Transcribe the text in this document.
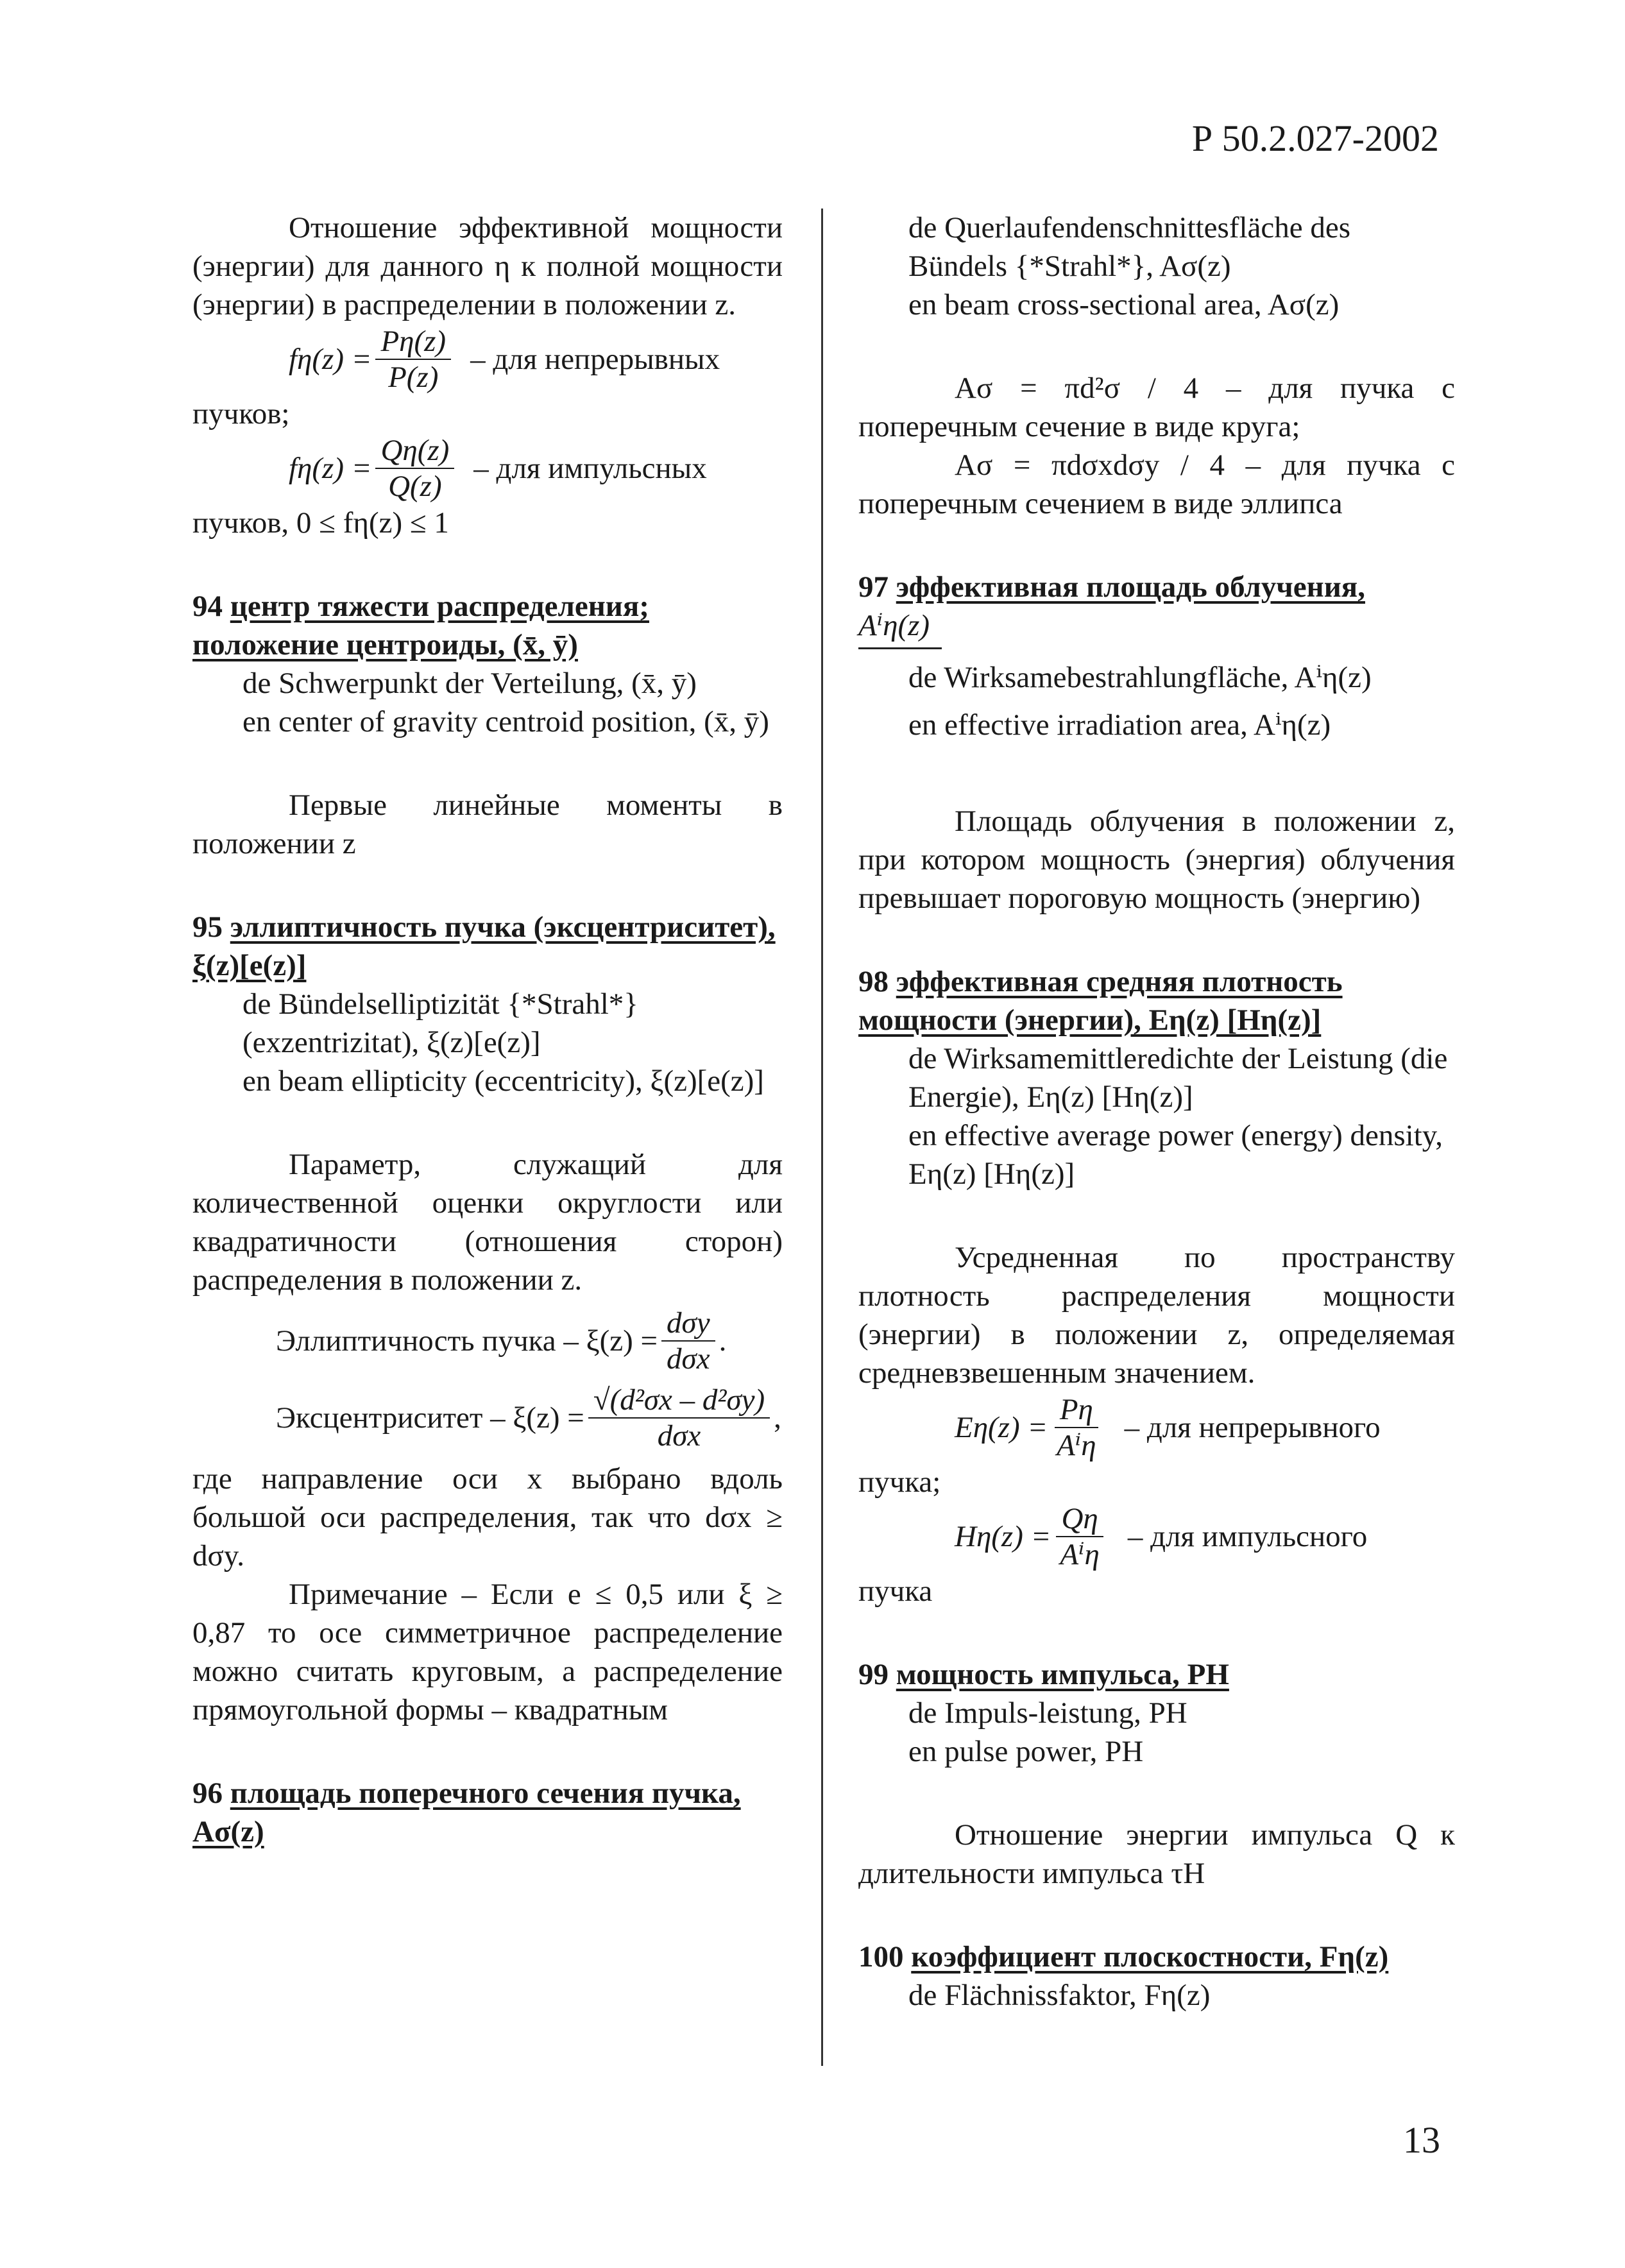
Р 50.2.027-2002

Отношение эффективной мощности (энергии) для данного η к полной мощности (энергии) в распределении в положении z.

$f\eta(z) = \frac{P\eta(z)}{P(z)}$ – для непрерывных

пучков;

$f\eta(z) = \frac{Q\eta(z)}{Q(z)}$ – для импульсных

пучков, 0 ≤ fη(z) ≤ 1

94 центр тяжести распределения; положение центроиды, (x̄, ȳ)

de Schwerpunkt der Verteilung, (x̄, ȳ)

en center of gravity centroid position, (x̄, ȳ)

Первые линейные моменты в положении z

95 эллиптичность пучка (эксцентриситет), ξ(z)[e(z)]

de Bündelselliptizität {*Strahl*} (exzentrizitat), ξ(z)[e(z)]

en beam ellipticity (eccentricity), ξ(z)[e(z)]

Параметр, служащий для количественной оценки округлости или квадратичности (отношения сторон) распределения в положении z.

Эллиптичность пучка – $\xi(z) = \frac{\text{dσy}}{\text{dσx}}$ .
Эксцентриситет – $\xi(z) = \frac{\text{√(d²σx – d²σy)}}{\text{dσx}}$ ,

где направление оси x выбрано вдоль большой оси распределения, так что dσx ≥ dσy.

Примечание – Если e ≤ 0,5 или ξ ≥ 0,87 то осе симметричное распределение можно считать круговым, а распределение прямоугольной формы – квадратным

96 площадь поперечного сечения пучка, Aσ(z)

de Querlaufendenschnittesfläche des Bündels {*Strahl*}, Aσ(z)

en beam cross-sectional area, Aσ(z)

Aσ = πd²σ / 4 – для пучка с поперечным сечение в виде круга;

Aσ = πdσxdσy / 4 – для пучка с поперечным сечением в виде эллипса

97 эффективная площадь облучения,

Aⁱη(z)

de Wirksamebestrahlungfläche, Aⁱη(z)

en effective irradiation area, Aⁱη(z)

Площадь облучения в положении z, при котором мощность (энергия) облучения превышает пороговую мощность (энергию)

98 эффективная средняя плотность мощности (энергии), Eη(z) [Hη(z)]

de Wirksamemittleredichte der Leistung (die Energie), Eη(z) [Hη(z)]

en effective average power (energy) density, Eη(z) [Hη(z)]

Усредненная по пространству плотность распределения мощности (энергии) в положении z, определяемая средневзвешенным значением.

$E\eta(z) = \frac{P\eta}{\text{Aⁱη}}$ – для непрерывного

пучка;

$H\eta(z) = \frac{Q\eta}{\text{Aⁱη}}$ – для импульсного

пучка

99 мощность импульса, PH

de Impuls-leistung, PH

en pulse power, PH

Отношение энергии импульса Q к длительности импульса τH

100 коэффициент плоскостности, Fη(z)

de Flächnissfaktor, Fη(z)

13
